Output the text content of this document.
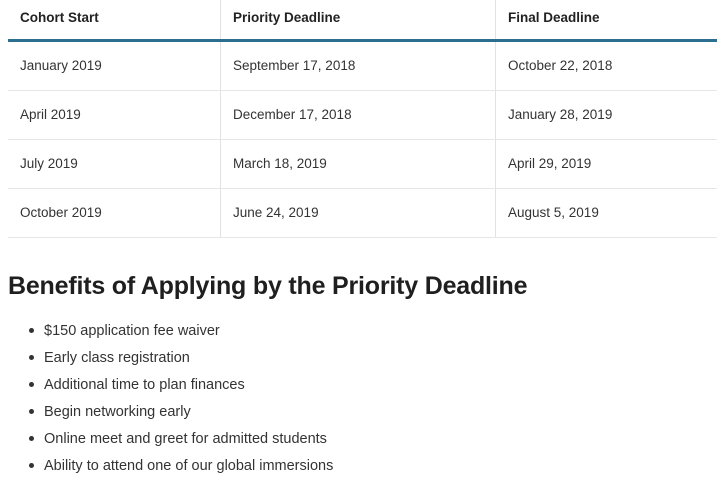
Cohort Start	Priority Deadline	Final Deadline
January 2019	September 17, 2018	October 22, 2018
April 2019	December 17, 2018	January 28, 2019
July 2019	March 18, 2019	April 29, 2019
October 2019	June 24, 2019	August 5, 2019
Benefits of Applying by the Priority Deadline
$150 application fee waiver
Early class registration
Additional time to plan finances
Begin networking early
Online meet and greet for admitted students
Ability to attend one of our global immersions
